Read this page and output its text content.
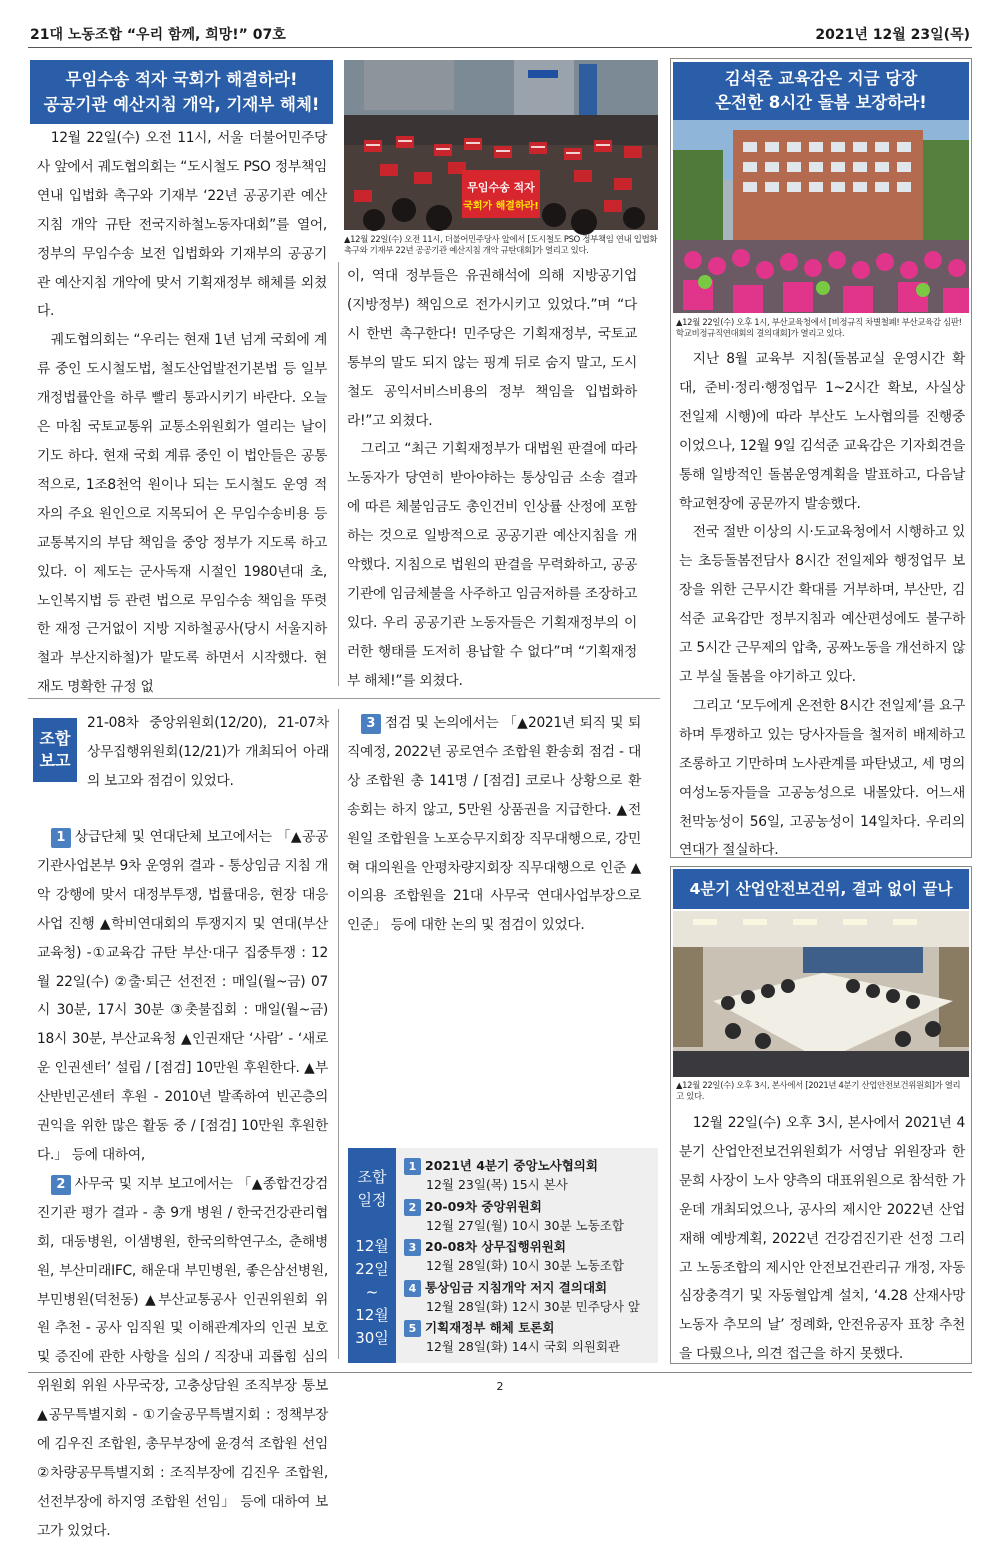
21대 노동조합 “우리 함께, 희망!” 07호	2021년 12월 23일(목)
무임수송 적자 국회가 해결하라!
공공기관 예산지침 개악, 기재부 해체!

12월 22일(수) 오전 11시, 서울 더불어민주당 사 앞에서 궤도협의회는 “도시철도 PSO 정부책임 연내 입법화 촉구와 기재부 ‘22년 공공기관 예산지침 개악 규탄 전국지하철노동자대회”를 열어, 정부의 무임수송 보전 입법화와 기재부의 공공기관 예산지침 개악에 맞서 기획재정부 해체를 외쳤다.

궤도협의회는 “우리는 현재 1년 넘게 국회에 계류 중인 도시철도법, 철도산업발전기본법 등 일부 개정법률안을 하루 빨리 통과시키기 바란다. 오늘은 마침 국토교통위 교통소위원회가 열리는 날이기도 하다. 현재 국회 계류 중인 이 법안들은 공통적으로, 1조8천억 원이나 되는 도시철도 운영 적자의 주요 원인으로 지목되어 온 무임수송비용 등 교통복지의 부담 책임을 중앙 정부가 지도록 하고 있다. 이 제도는 군사독재 시절인 1980년대 초, 노인복지법 등 관련 법으로 무임수송 책임을 뚜렷한 재정 근거없이 지방 지하철공사(당시 서울지하철과 부산지하철)가 맡도록 하면서 시작했다. 현재도 명확한 규정 없

무임수송 적자
국회가 해결하라!
▲12월 22일(수) 오전 11시, 더불어민주당사 앞에서 [도시철도 PSO 정부책임 연내 입법화 촉구와 기재부 22년 공공기관 예산지침 개악 규탄대회]가 열리고 있다.

이, 역대 정부들은 유권해석에 의해 지방공기업(지방정부) 책임으로 전가시키고 있었다.”며 “다시 한번 촉구한다! 민주당은 기획재정부, 국토교통부의 말도 되지 않는 핑계 뒤로 숨지 말고, 도시철도 공익서비스비용의 정부 책임을 입법화하라!”고 외쳤다.

그리고 “최근 기획재정부가 대법원 판결에 따라 노동자가 당연히 받아야하는 통상임금 소송 결과에 따른 체불임금도 총인건비 인상률 산정에 포함하는 것으로 일방적으로 공공기관 예산지침을 개악했다. 지침으로 법원의 판결을 무력화하고, 공공기관에 임금체불을 사주하고 임금저하를 조장하고 있다. 우리 공공기관 노동자들은 기획재정부의 이러한 행태를 도저히 용납할 수 없다”며 “기획재정부 해체!”를 외쳤다.

김석준 교육감은 지금 당장
온전한 8시간 돌봄 보장하라!
▲12월 22일(수) 오후 1시, 부산교육청에서 [비정규직 차별철폐! 부산교육감 심판! 학교비정규직연대회의 결의대회]가 열리고 있다.

지난 8월 교육부 지침(돌봄교실 운영시간 확대, 준비·정리·행정업무 1~2시간 확보, 사실상 전일제 시행)에 따라 부산도 노사협의를 진행중이었으나, 12월 9일 김석준 교육감은 기자회견을 통해 일방적인 돌봄운영계획을 발표하고, 다음날 학교현장에 공문까지 발송했다.

전국 절반 이상의 시·도교육청에서 시행하고 있는 초등돌봄전담사 8시간 전일제와 행정업무 보장을 위한 근무시간 확대를 거부하며, 부산만, 김석준 교육감만 정부지침과 예산편성에도 불구하고 5시간 근무제의 압축, 공짜노동을 개선하지 않고 부실 돌봄을 야기하고 있다.

그리고 ‘모두에게 온전한 8시간 전일제’를 요구하며 투쟁하고 있는 당사자들을 철저히 배제하고 조롱하고 기만하며 노사관계를 파탄냈고, 세 명의 여성노동자들을 고공농성으로 내몰았다. 어느새 천막농성이 56일, 고공농성이 14일차다. 우리의 연대가 절실하다.

4분기 산업안전보건위, 결과 없이 끝나
▲12월 22일(수) 오후 3시, 본사에서 [2021년 4분기 산업안전보건위원회]가 열리고 있다.

12월 22일(수) 오후 3시, 본사에서 2021년 4분기 산업안전보건위원회가 서영남 위원장과 한문희 사장이 노사 양측의 대표위원으로 참석한 가운데 개최되었으나, 공사의 제시안 2022년 산업재해 예방계획, 2022년 건강검진기관 선정 그리고 노동조합의 제시안 안전보건관리규 개정, 자동심장충격기 및 자동혈압계 설치, ‘4.28 산재사망노동자 추모의 날’ 정례화, 안전유공자 표창 추천을 다뤘으나, 의견 접근을 하지 못했다.

조합
보고

21-08차 중앙위원회(12/20), 21-07차 상무집행위원회(12/21)가 개최되어 아래의 보고와 점검이 있었다.

1 상급단체 및 연대단체 보고에서는 「▲공공기관사업본부 9차 운영위 결과 - 통상임금 지침 개악 강행에 맞서 대정부투쟁, 법률대응, 현장 대응 사업 진행 ▲학비연대회의 투쟁지지 및 연대(부산교육청) -①교육감 규탄 부산·대구 집중투쟁 : 12월 22일(수) ②출·퇴근 선전전 : 매일(월~금) 07시 30분, 17시 30분 ③촛불집회 : 매일(월~금) 18시 30분, 부산교육청 ▲인권재단 ‘사람’ - ‘새로운 인권센터’ 설립 / [점검] 10만원 후원한다. ▲부산반빈곤센터 후원 - 2010년 발족하여 빈곤층의 권익을 위한 많은 활동 중 / [점검] 10만원 후원한다.」 등에 대하여,

2 사무국 및 지부 보고에서는 「▲종합건강검진기관 평가 결과 - 총 9개 병원 / 한국건강관리협회, 대동병원, 이샘병원, 한국의학연구소, 춘해병원, 부산미래IFC, 해운대 부민병원, 좋은삼선병원, 부민병원(덕천동) ▲부산교통공사 인권위원회 위원 추천 - 공사 임직원 및 이해관계자의 인권 보호 및 증진에 관한 사항을 심의 / 직장내 괴롭힘 심의위원회 위원 사무국장, 고충상담원 조직부장 통보 ▲공무특별지회 - ①기술공무특별지회 : 정책부장에 김우진 조합원, 총무부장에 윤경석 조합원 선임 ②차량공무특별지회 : 조직부장에 김진우 조합원, 선전부장에 하지영 조합원 선임」 등에 대하여 보고가 있었다.

3 점검 및 논의에서는 「▲2021년 퇴직 및 퇴직예정, 2022년 공로연수 조합원 환송회 점검 - 대상 조합원 총 141명 / [점검] 코로나 상황으로 환송회는 하지 않고, 5만원 상품권을 지급한다. ▲전원일 조합원을 노포승무지회장 직무대행으로, 강민혁 대의원을 안평차량지회장 직무대행으로 인준 ▲이의용 조합원을 21대 사무국 연대사업부장으로 인준」 등에 대한 논의 및 점검이 있었다.

조합
일정

12월
22일
~
12월
30일
1 2021년 4분기 중앙노사협의회
12월 23일(목) 15시 본사
2 20-09차 중앙위원회
12월 27일(월) 10시 30분 노동조합
3 20-08차 상무집행위원회
12월 28일(화) 10시 30분 노동조합
4 통상임금 지침개악 저지 결의대회
12월 28일(화) 12시 30분 민주당사 앞
5 기획재정부 해체 토론회
12월 28일(화) 14시 국회 의원회관
2
